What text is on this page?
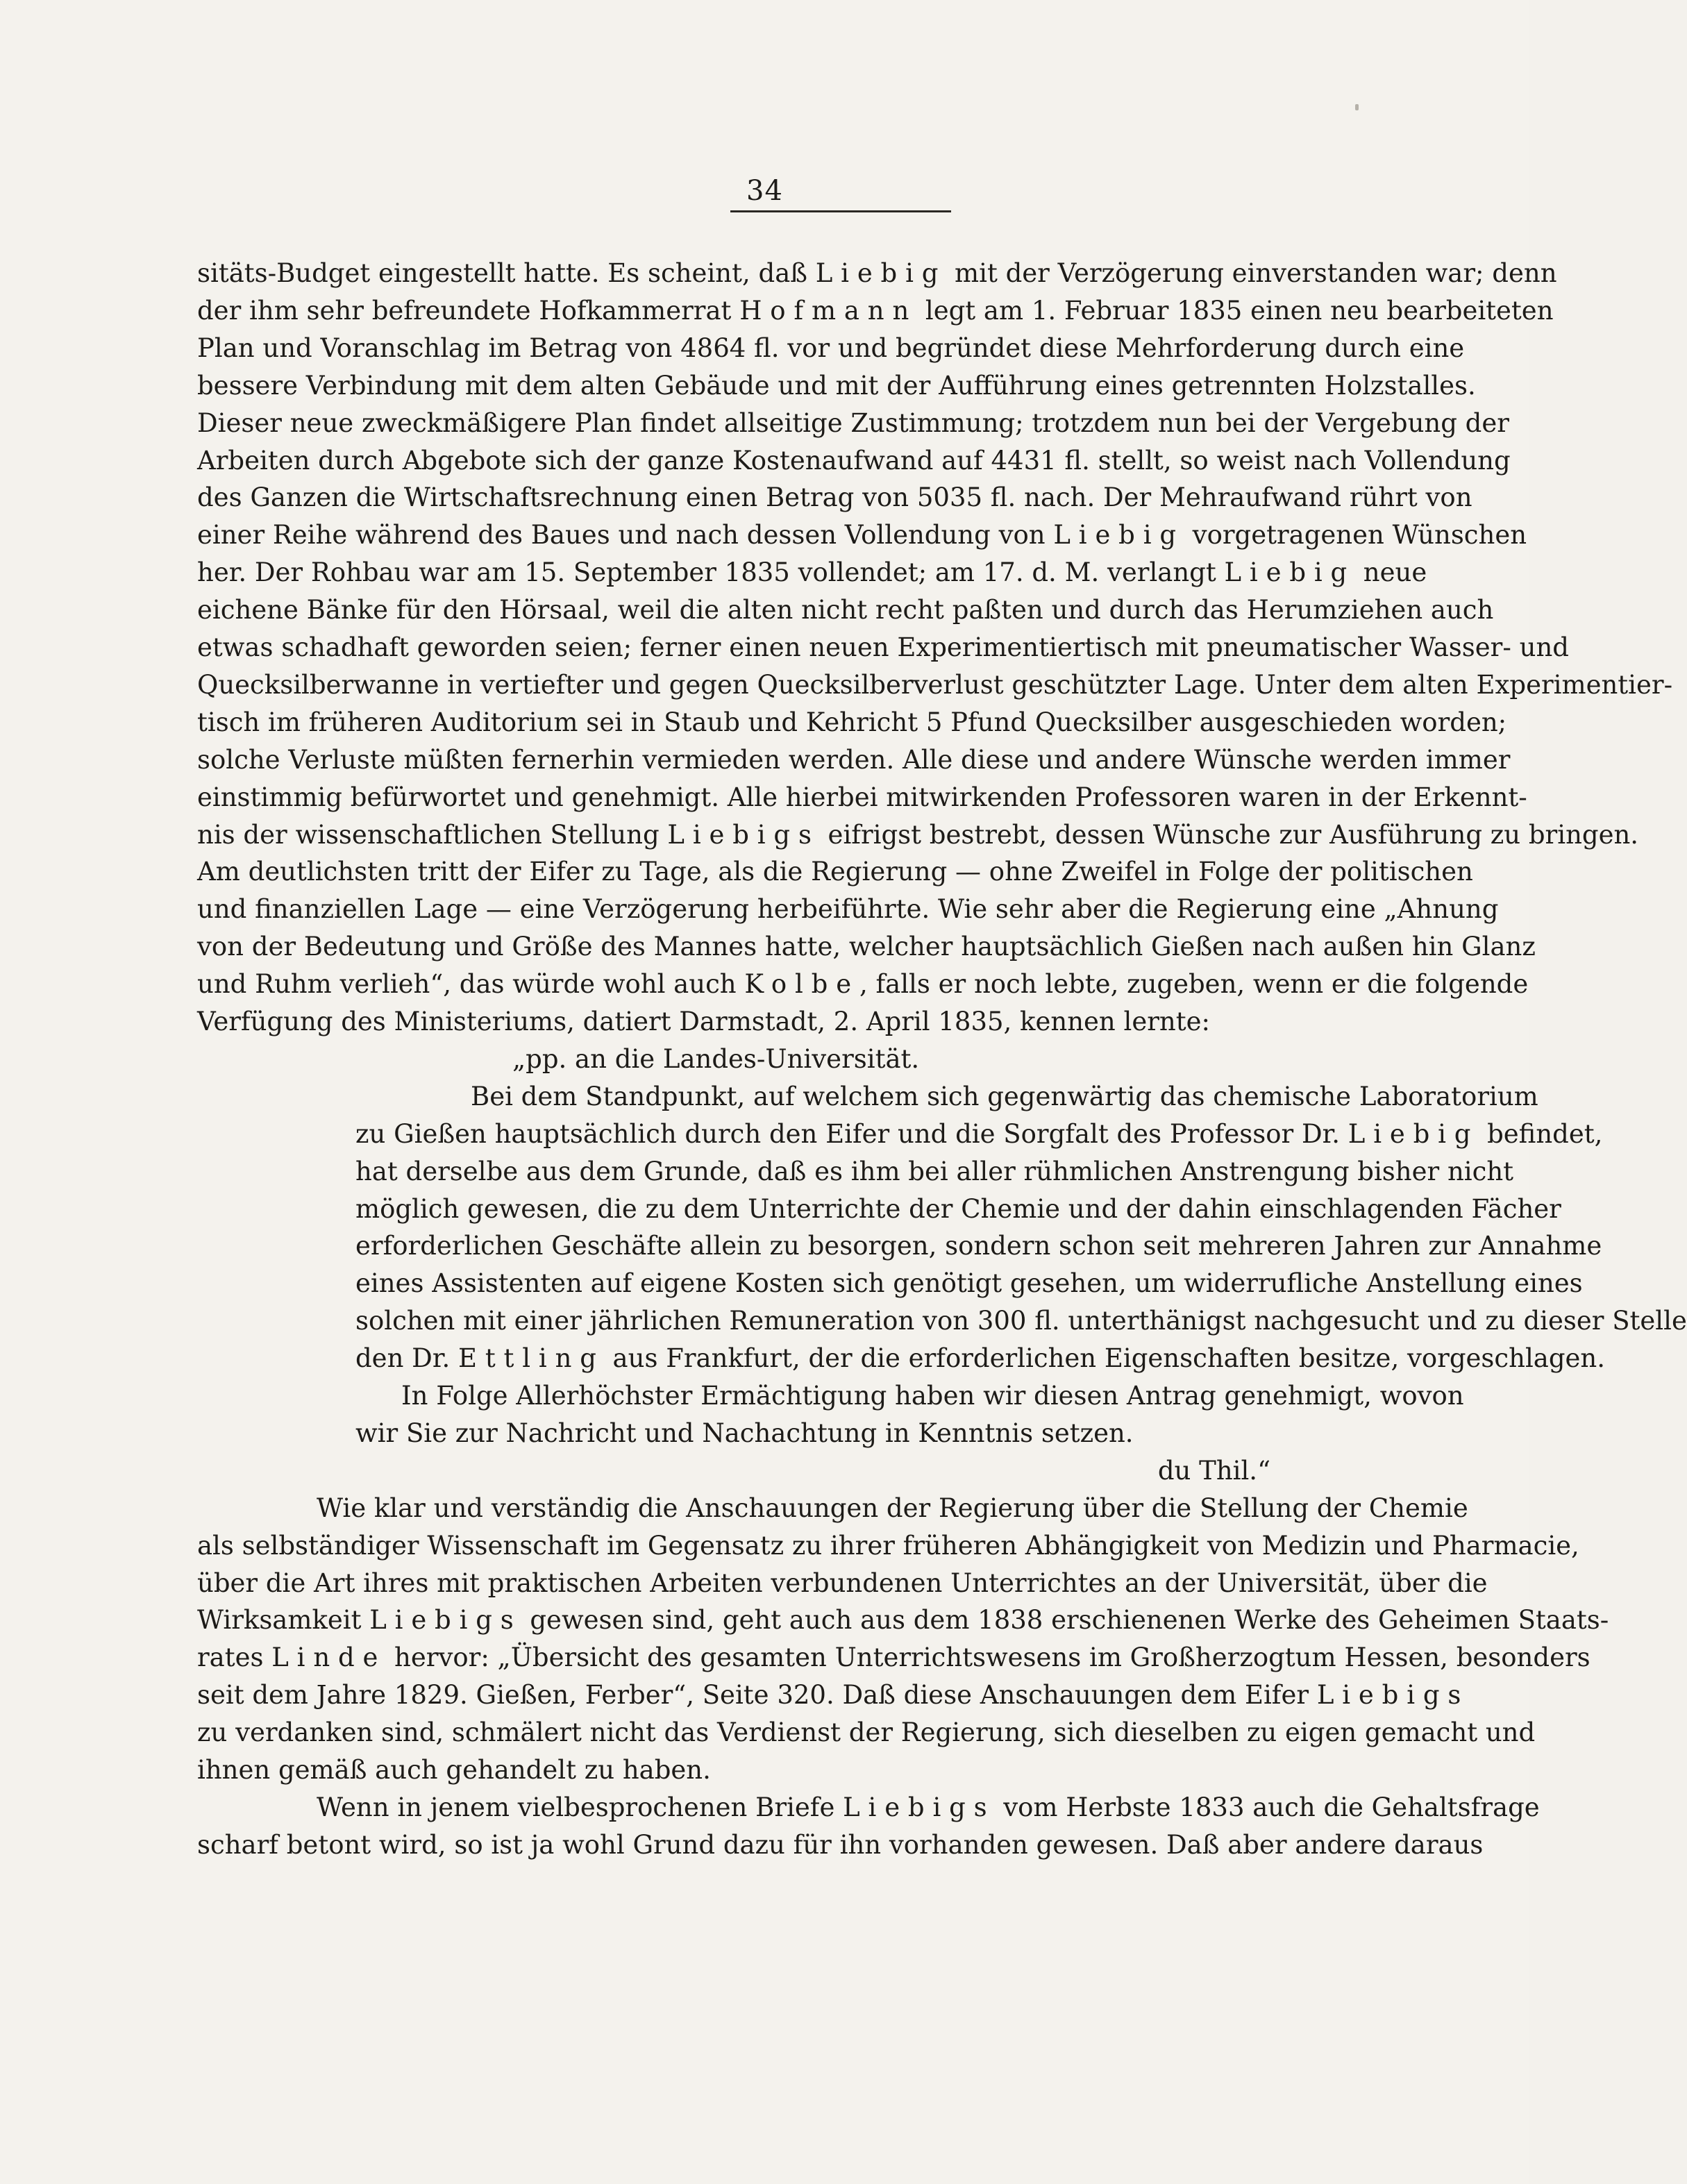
34
sitäts-Budget eingestellt hatte. Es scheint, daß Liebig mit der Verzögerung einverstanden war; denn
der ihm sehr befreundete Hofkammerrat Hofmann legt am 1. Februar 1835 einen neu bearbeiteten
Plan und Voranschlag im Betrag von 4864 fl. vor und begründet diese Mehrforderung durch eine
bessere Verbindung mit dem alten Gebäude und mit der Aufführung eines getrennten Holzstalles.
Dieser neue zweckmäßigere Plan findet allseitige Zustimmung; trotzdem nun bei der Vergebung der
Arbeiten durch Abgebote sich der ganze Kostenaufwand auf 4431 fl. stellt, so weist nach Vollendung
des Ganzen die Wirtschaftsrechnung einen Betrag von 5035 fl. nach. Der Mehraufwand rührt von
einer Reihe während des Baues und nach dessen Vollendung von Liebig vorgetragenen Wünschen
her. Der Rohbau war am 15. September 1835 vollendet; am 17. d. M. verlangt Liebig neue
eichene Bänke für den Hörsaal, weil die alten nicht recht paßten und durch das Herumziehen auch
etwas schadhaft geworden seien; ferner einen neuen Experimentiertisch mit pneumatischer Wasser- und
Quecksilberwanne in vertiefter und gegen Quecksilberverlust geschützter Lage. Unter dem alten Experimentier-
tisch im früheren Auditorium sei in Staub und Kehricht 5 Pfund Quecksilber ausgeschieden worden;
solche Verluste müßten fernerhin vermieden werden. Alle diese und andere Wünsche werden immer
einstimmig befürwortet und genehmigt. Alle hierbei mitwirkenden Professoren waren in der Erkennt-
nis der wissenschaftlichen Stellung Liebigs eifrigst bestrebt, dessen Wünsche zur Ausführung zu bringen.
Am deutlichsten tritt der Eifer zu Tage, als die Regierung — ohne Zweifel in Folge der politischen
und finanziellen Lage — eine Verzögerung herbeiführte. Wie sehr aber die Regierung eine „Ahnung
von der Bedeutung und Größe des Mannes hatte, welcher hauptsächlich Gießen nach außen hin Glanz
und Ruhm verlieh“, das würde wohl auch Kolbe, falls er noch lebte, zugeben, wenn er die folgende
Verfügung des Ministeriums, datiert Darmstadt, 2. April 1835, kennen lernte:
„pp. an die Landes-Universität.
Bei dem Standpunkt, auf welchem sich gegenwärtig das chemische Laboratorium
zu Gießen hauptsächlich durch den Eifer und die Sorgfalt des Professor Dr. Liebig befindet,
hat derselbe aus dem Grunde, daß es ihm bei aller rühmlichen Anstrengung bisher nicht
möglich gewesen, die zu dem Unterrichte der Chemie und der dahin einschlagenden Fächer
erforderlichen Geschäfte allein zu besorgen, sondern schon seit mehreren Jahren zur Annahme
eines Assistenten auf eigene Kosten sich genötigt gesehen, um widerrufliche Anstellung eines
solchen mit einer jährlichen Remuneration von 300 fl. unterthänigst nachgesucht und zu dieser Stelle
den Dr. Ettling aus Frankfurt, der die erforderlichen Eigenschaften besitze, vorgeschlagen.
In Folge Allerhöchster Ermächtigung haben wir diesen Antrag genehmigt, wovon
wir Sie zur Nachricht und Nachachtung in Kenntnis setzen.
du Thil.“
Wie klar und verständig die Anschauungen der Regierung über die Stellung der Chemie
als selbständiger Wissenschaft im Gegensatz zu ihrer früheren Abhängigkeit von Medizin und Pharmacie,
über die Art ihres mit praktischen Arbeiten verbundenen Unterrichtes an der Universität, über die
Wirksamkeit Liebigs gewesen sind, geht auch aus dem 1838 erschienenen Werke des Geheimen Staats-
rates Linde hervor: „Übersicht des gesamten Unterrichtswesens im Großherzogtum Hessen, besonders
seit dem Jahre 1829. Gießen, Ferber“, Seite 320. Daß diese Anschauungen dem Eifer Liebigs
zu verdanken sind, schmälert nicht das Verdienst der Regierung, sich dieselben zu eigen gemacht und
ihnen gemäß auch gehandelt zu haben.
Wenn in jenem vielbesprochenen Briefe Liebigs vom Herbste 1833 auch die Gehaltsfrage
scharf betont wird, so ist ja wohl Grund dazu für ihn vorhanden gewesen. Daß aber andere daraus
